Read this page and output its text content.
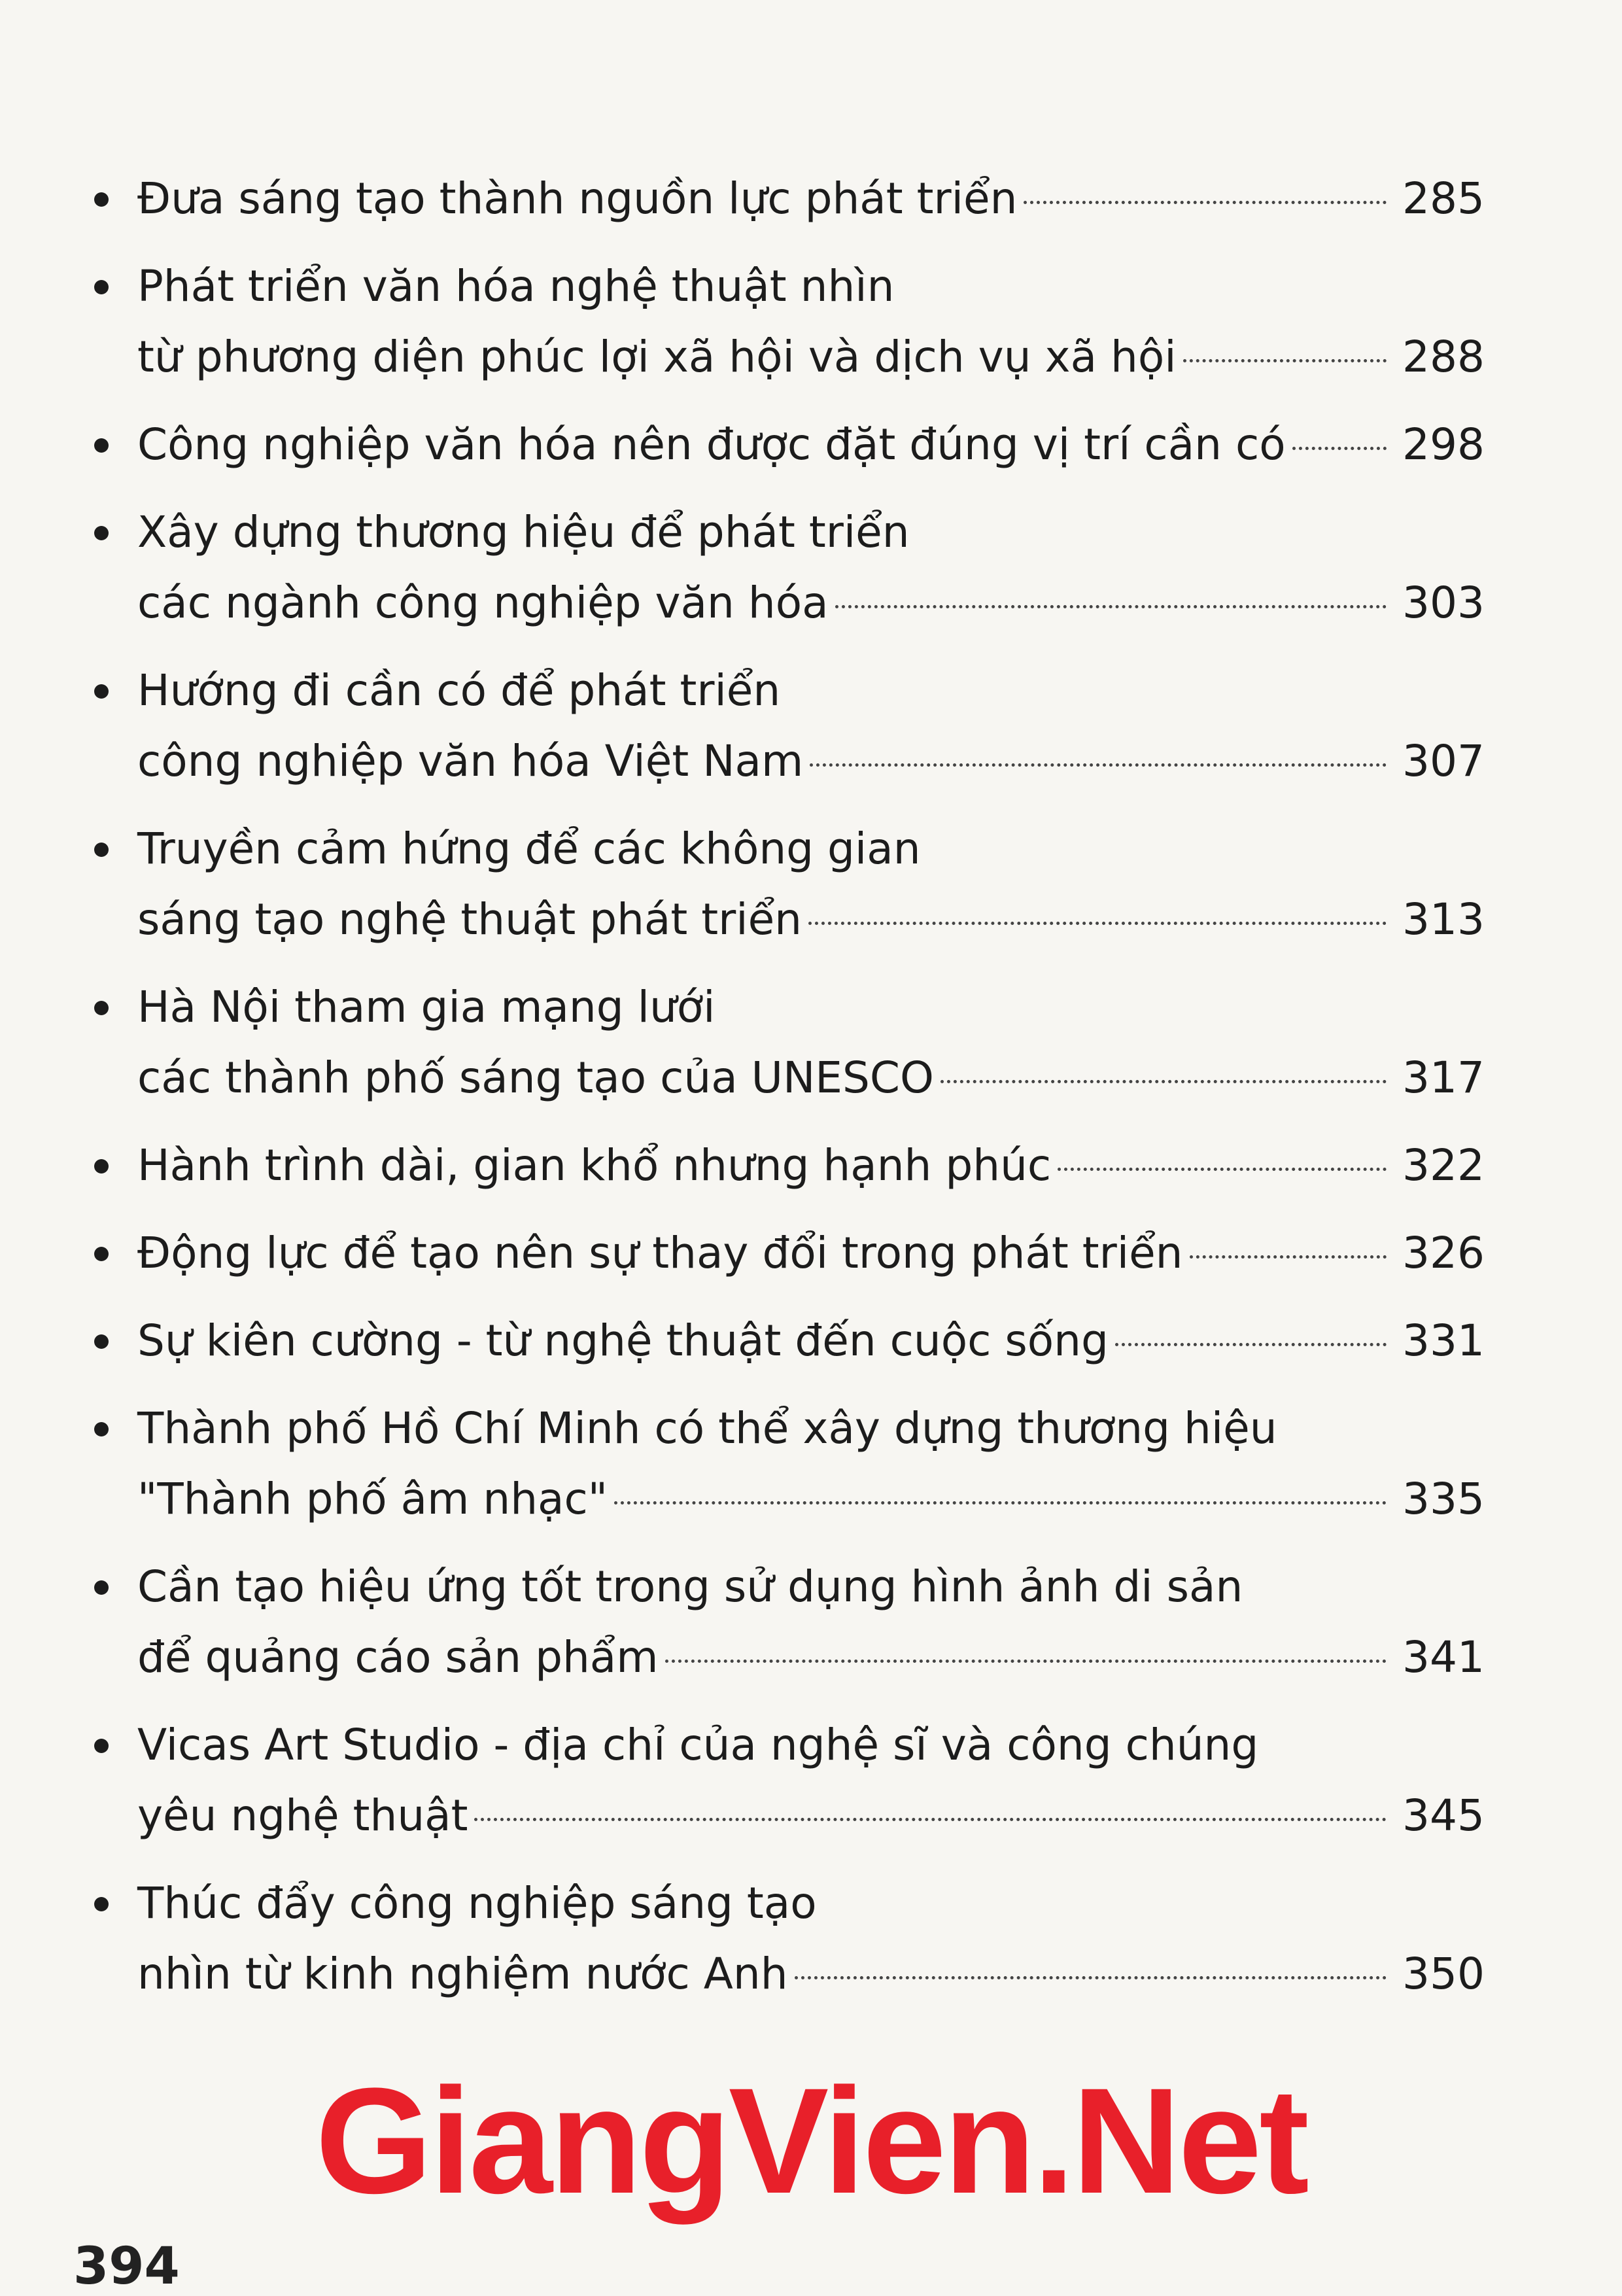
Đưa sáng tạo thành nguồn lực phát triển	285
Phát triển văn hóa nghệ thuật nhìn
từ phương diện phúc lợi xã hội và dịch vụ xã hội	288
Công nghiệp văn hóa nên được đặt đúng vị trí cần có	298
Xây dựng thương hiệu để phát triển
các ngành công nghiệp văn hóa	303
Hướng đi cần có để phát triển
công nghiệp văn hóa Việt Nam	307
Truyền cảm hứng để các không gian
sáng tạo nghệ thuật phát triển	313
Hà Nội tham gia mạng lưới
các thành phố sáng tạo của UNESCO	317
Hành trình dài, gian khổ nhưng hạnh phúc	322
Động lực để tạo nên sự thay đổi trong phát triển	326
Sự kiên cường - từ nghệ thuật đến cuộc sống	331
Thành phố Hồ Chí Minh có thể xây dựng thương hiệu
"Thành phố âm nhạc"	335
Cần tạo hiệu ứng tốt trong sử dụng hình ảnh di sản
để quảng cáo sản phẩm	341
Vicas Art Studio - địa chỉ của nghệ sĩ và công chúng
yêu nghệ thuật	345
Thúc đẩy công nghiệp sáng tạo
nhìn từ kinh nghiệm nước Anh	350
GiangVien.Net
394
